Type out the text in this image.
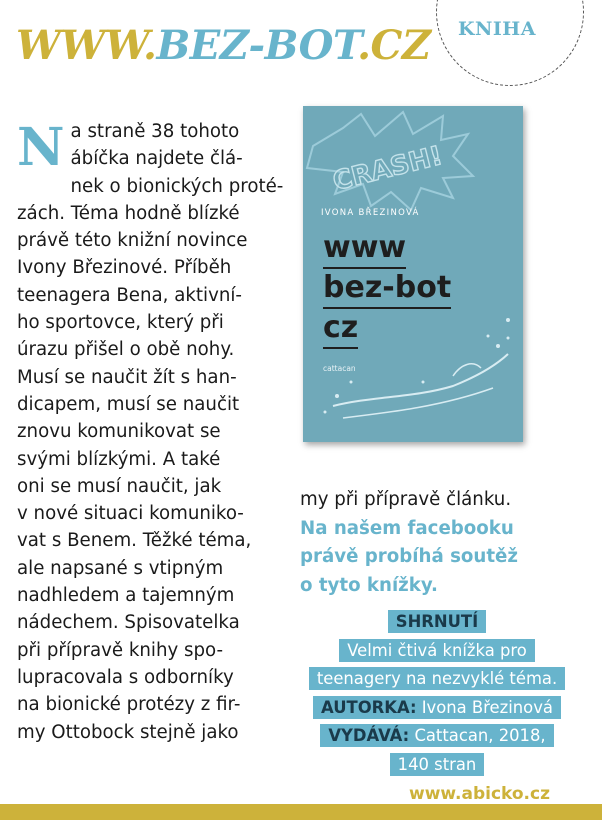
WWW.BEZ-BOT.CZ KNIHA
N a straně 38 tohoto
ábíčka najdete člá-
nek o bionických proté-
zách. Téma hodně blízké
právě této knižní novince
Ivony Březinové. Příběh
teenagera Bena, aktivní-
ho sportovce, který při
úrazu přišel o obě nohy.
Musí se naučit žít s han-
dicapem, musí se naučit
znovu komunikovat se
svými blízkými. A také
oni se musí naučit, jak
v nové situaci komuniko-
vat s Benem. Těžké téma,
ale napsané s vtipným
nadhledem a tajemným
nádechem. Spisovatelka
při přípravě knihy spo-
lupracovala s odborníky
na bionické protézy z fir-
my Ottobock stejně jako
CRASH!
IVONA BŘEZINOVÁ
www
bez-bot
cz
cattacan
my při přípravě článku.
Na našem facebooku
právě probíhá soutěž
o tyto knížky.
SHRNUTÍ
Velmi čtivá knížka pro
teenagery na nezvyklé téma.
AUTORKA: Ivona Březinová
VYDÁVÁ: Cattacan, 2018,
140 stran
www.abicko.cz
